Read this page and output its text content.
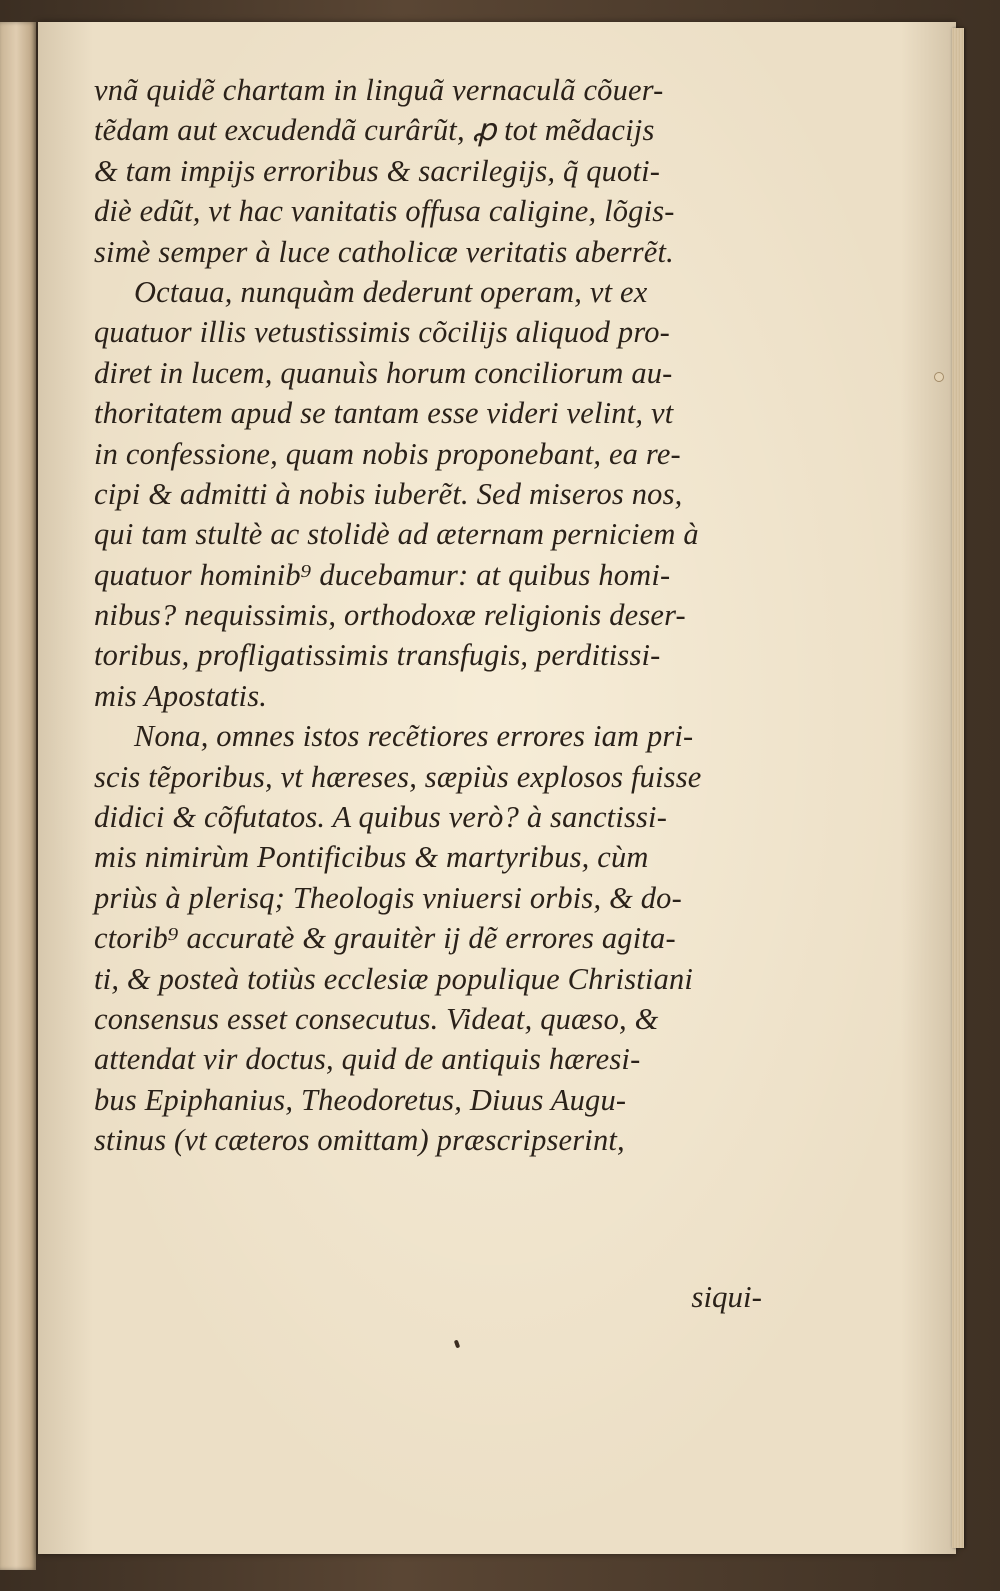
vnã quidẽ chartam in linguã vernaculã cõuer-
tẽdam aut excudendã curârũt, ꝓ tot mẽdacijs
& tam impijs erroribus & sacrilegijs, q̃ quoti-
diè edũt, vt hac vanitatis offusa caligine, lõgis-
simè semper à luce catholicæ veritatis aberrẽt.
Octaua, nunquàm dederunt operam, vt ex
quatuor illis vetustissimis cõcilijs aliquod pro-
diret in lucem, quanuìs horum conciliorum au-
thoritatem apud se tantam esse videri velint, vt
in confessione, quam nobis proponebant, ea re-
cipi & admitti à nobis iuberẽt. Sed miseros nos,
qui tam stultè ac stolidè ad æternam perniciem à
quatuor hominib⁹ ducebamur: at quibus homi-
nibus? nequissimis, orthodoxæ religionis deser-
toribus, profligatissimis transfugis, perditissi-
mis Apostatis.
Nona, omnes istos recẽtiores errores iam pri-
scis tẽporibus, vt hæreses, sæpiùs explosos fuisse
didici & cõfutatos. A quibus verò? à sanctissi-
mis nimirùm Pontificibus & martyribus, cùm
priùs à plerisq; Theologis vniuersi orbis, & do-
ctorib⁹ accuratè & grauitèr ij dẽ errores agita-
ti, & posteà totiùs ecclesiæ populique Christiani
consensus esset consecutus. Videat, quæso, &
attendat vir doctus, quid de antiquis hæresi-
bus Epiphanius, Theodoretus, Diuus Augu-
stinus (vt cæteros omittam) præscripserint,
siqui-
